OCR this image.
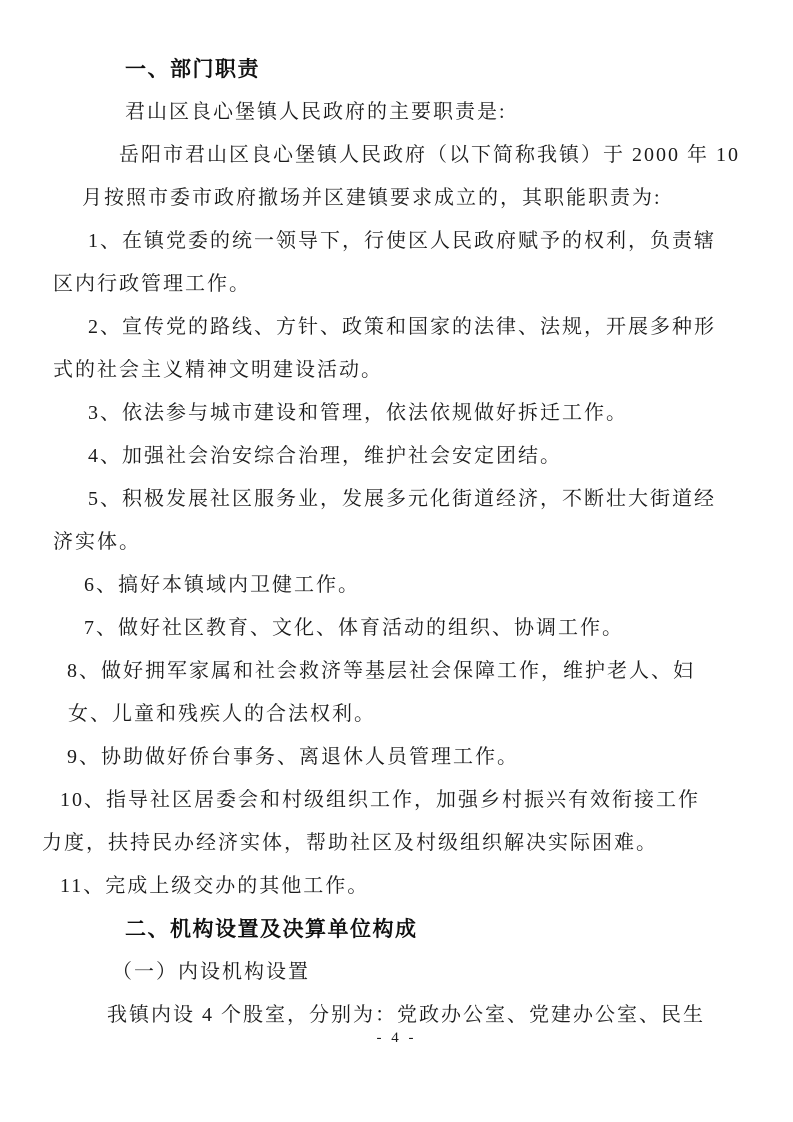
一、部门职责
君山区良心堡镇人民政府的主要职责是:
岳阳市君山区良心堡镇人民政府（以下简称我镇）于 2000 年 10
月按照市委市政府撤场并区建镇要求成立的，其职能职责为:
1、在镇党委的统一领导下，行使区人民政府赋予的权利，负责辖
区内行政管理工作。
2、宣传党的路线、方针、政策和国家的法律、法规，开展多种形
式的社会主义精神文明建设活动。
3、依法参与城市建设和管理，依法依规做好拆迁工作。
4、加强社会治安综合治理，维护社会安定团结。
5、积极发展社区服务业，发展多元化街道经济，不断壮大街道经
济实体。
6、搞好本镇域内卫健工作。
7、做好社区教育、文化、体育活动的组织、协调工作。
8、做好拥军家属和社会救济等基层社会保障工作，维护老人、妇
女、儿童和残疾人的合法权利。
9、协助做好侨台事务、离退休人员管理工作。
10、指导社区居委会和村级组织工作，加强乡村振兴有效衔接工作
力度，扶持民办经济实体，帮助社区及村级组织解决实际困难。
11、完成上级交办的其他工作。
二、机构设置及决算单位构成
（一）内设机构设置
我镇内设 4 个股室，分别为：党政办公室、党建办公室、民生
- 4 -
